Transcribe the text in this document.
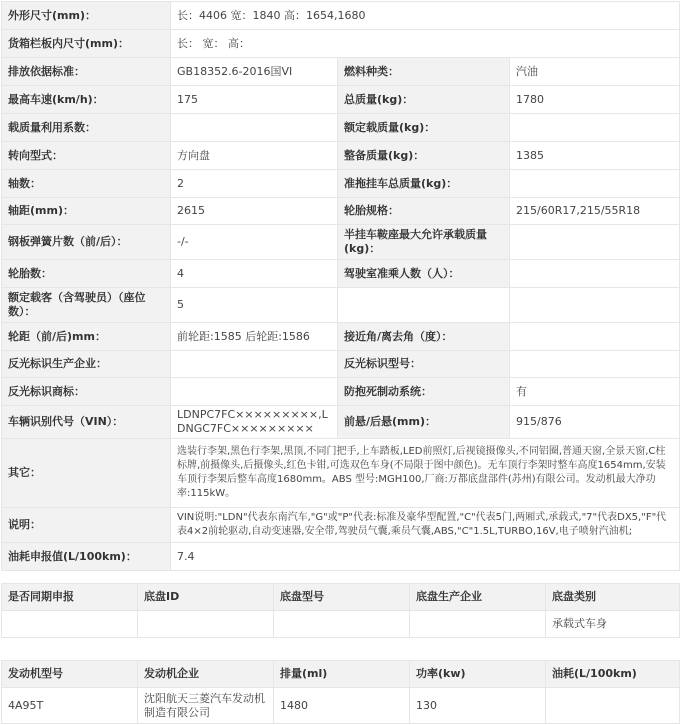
外形尺寸(mm)：	长：4406 宽：1840 高：1654,1680		
货箱栏板内尺寸(mm)：	长： 宽： 高：		
排放依据标准：	GB18352.6-2016国VI	燃料种类：	汽油
最高车速(km/h)：	175	总质量(kg)：	1780
载质量利用系数：		额定载质量(kg)：	
转向型式：	方向盘	整备质量(kg)：	1385
轴数：	2	准拖挂车总质量(kg)：	
轴距(mm)：	2615	轮胎规格：	215/60R17,215/55R18
钢板弹簧片数（前/后）：	-/-	半挂车鞍座最大允许承载质量(kg)：	
轮胎数：	4	驾驶室准乘人数（人）：	
额定载客（含驾驶员）（座位数）：	5		
轮距（前/后)mm：	前轮距:1585 后轮距:1586	接近角/离去角（度）：	
反光标识生产企业：		反光标识型号：	
反光标识商标：		防抱死制动系统：	有
车辆识别代号（VIN）：	LDNPC7FC×××××××××,LDNGC7FC×××××××××	前悬/后悬(mm)：	915/876
其它：	选装行李架,黑色行李架,黑顶,不同门把手,上车踏板,LED前照灯,后视镜摄像头,不同铝圈,普通天窗,全景天窗,C柱标牌,前摄像头,后摄像头,红色卡钳,可选双色车身(不局限于图中颜色)。无车顶行李架时整车高度1654mm,安装车顶行李架后整车高度1680mm。ABS 型号:MGH100,厂商:万都底盘部件(苏州)有限公司。发动机最大净功率:115kW。		
说明：	VIN说明:"LDN"代表东南汽车,"G"或"P"代表:标准及豪华型配置,"C"代表5门,两厢式,承载式,"7"代表DX5,"F"代表4×2前轮驱动,自动变速器,安全带,驾驶员气囊,乘员气囊,ABS,"C"1.5L,TURBO,16V,电子喷射汽油机;		
油耗申报值(L/100km)：	7.4		
是否同期申报	底盘ID	底盘型号	底盘生产企业	底盘类别
				承载式车身
发动机型号	发动机企业	排量(ml)	功率(kw)	油耗(L/100km)
4A95T	沈阳航天三菱汽车发动机制造有限公司	1480	130	
